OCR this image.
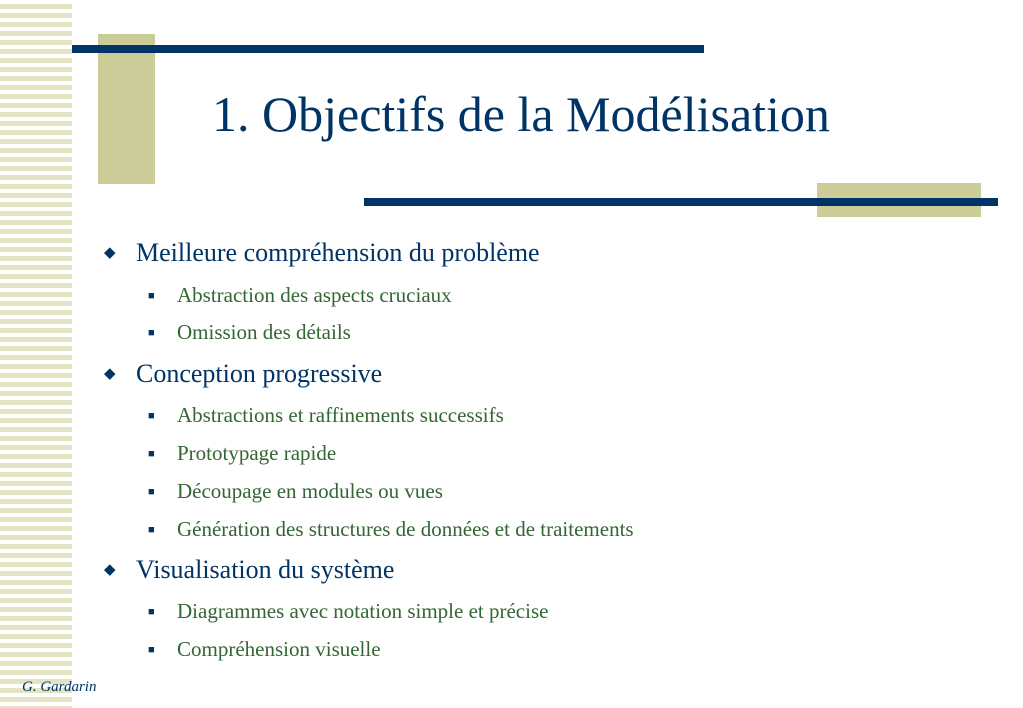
1. Objectifs de la Modélisation
◆ Meilleure compréhension du problème
■	Abstraction des aspects cruciaux
■	Omission des détails
◆ Conception progressive
■	Abstractions et raffinements successifs
■	Prototypage rapide
■	Découpage en modules ou vues
■	Génération des structures de données et de traitements
◆ Visualisation du système
■	Diagrammes avec notation simple et précise
■	Compréhension visuelle
G. Gardarin
